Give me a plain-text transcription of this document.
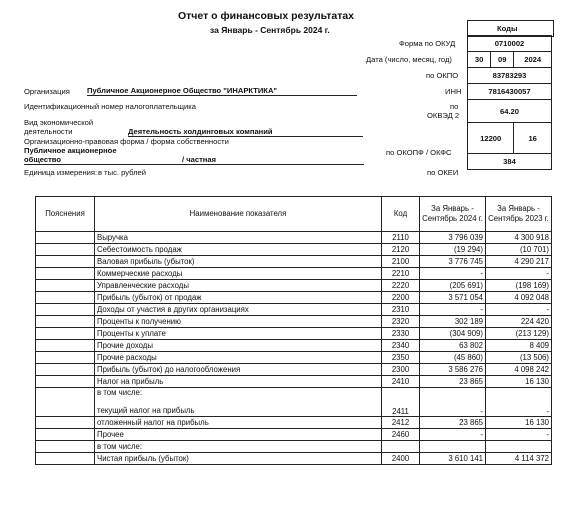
Отчет о финансовых результатах
за Январь - Сентябрь 2024 г.	Коды
0710002		
30	09	2024
83783293		
7816430057		
64.20		
12200		16
384		
Форма по ОКУД
Дата (число, месяц, год)
по ОКПО
ИНН
по
ОКВЭД 2
по ОКОПФ / ОКФС
по ОКЕИ
Организация Публичное Акционерное Общество "ИНАРКТИКА"
Идентификационный номер налогоплательщика
Вид экономической
деятельности	Деятельность холдинговых компаний
Организационно-правовая форма / форма собственности
Публичное акционерное
общество	/ частная
Единица измерения: в тыс. рублей
Пояснения	Наименование показателя	Код	За Январь - Сентябрь 2024 г.	За Январь - Сентябрь 2023 г.
	Выручка	2110	3 796 039	4 300 918
	Себестоимость продаж	2120	(19 294)	(10 701)
	Валовая прибыль (убыток)	2100	3 776 745	4 290 217
	Коммерческие расходы	2210	-	-
	Управленческие расходы	2220	(205 691)	(198 169)
	Прибыль (убыток) от продаж	2200	3 571 054	4 092 048
	Доходы от участия в других организациях	2310	-	-
	Проценты к получению	2320	302 189	224 420
	Проценты к уплате	2330	(304 909)	(213 129)
	Прочие доходы	2340	63 802	8 409
	Прочие расходы	2350	(45 860)	(13 506)
	Прибыль (убыток) до налогообложения	2300	3 586 276	4 098 242
	Налог на прибыль	2410	23 865	16 130

	в том числе:
текущий налог на прибыль	2411	-	-
	отложенный налог на прибыль	2412	23 865	16 130
	Прочее	2460	-	-
	в том числе:			
	Чистая прибыль (убыток)	2400	3 610 141	4 114 372
